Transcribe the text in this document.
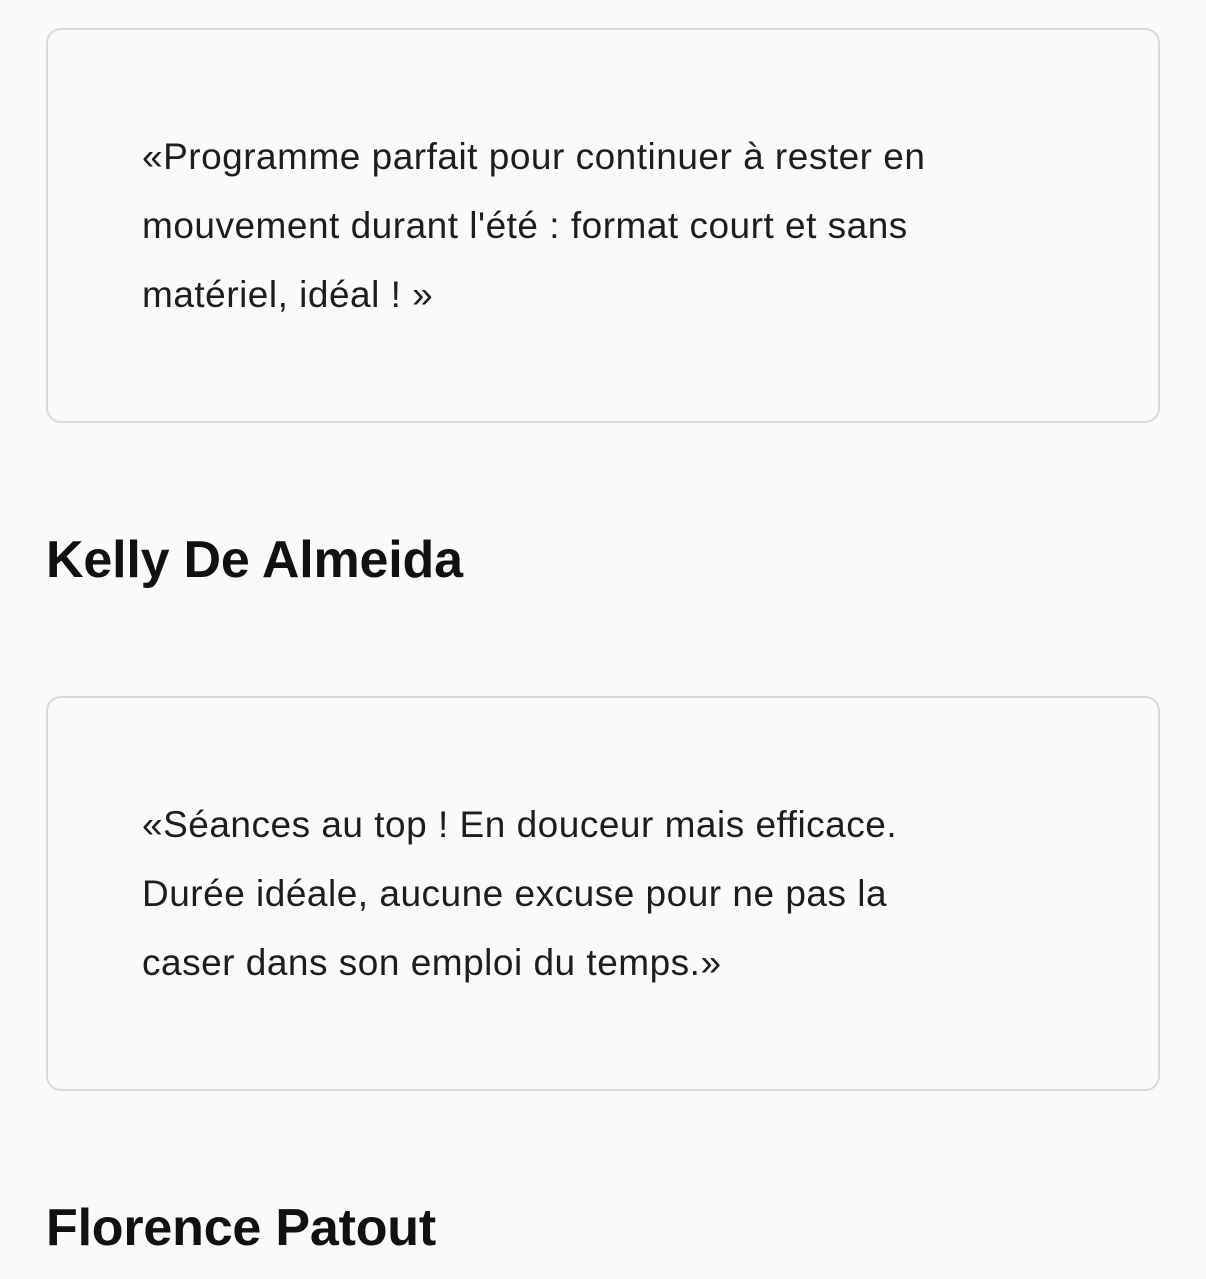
«Programme parfait pour continuer à rester en
mouvement durant l'été : format court et sans
matériel, idéal ! »

Kelly De Almeida

«Séances au top ! En douceur mais efficace.
Durée idéale, aucune excuse pour ne pas la
caser dans son emploi du temps.»

Florence Patout
